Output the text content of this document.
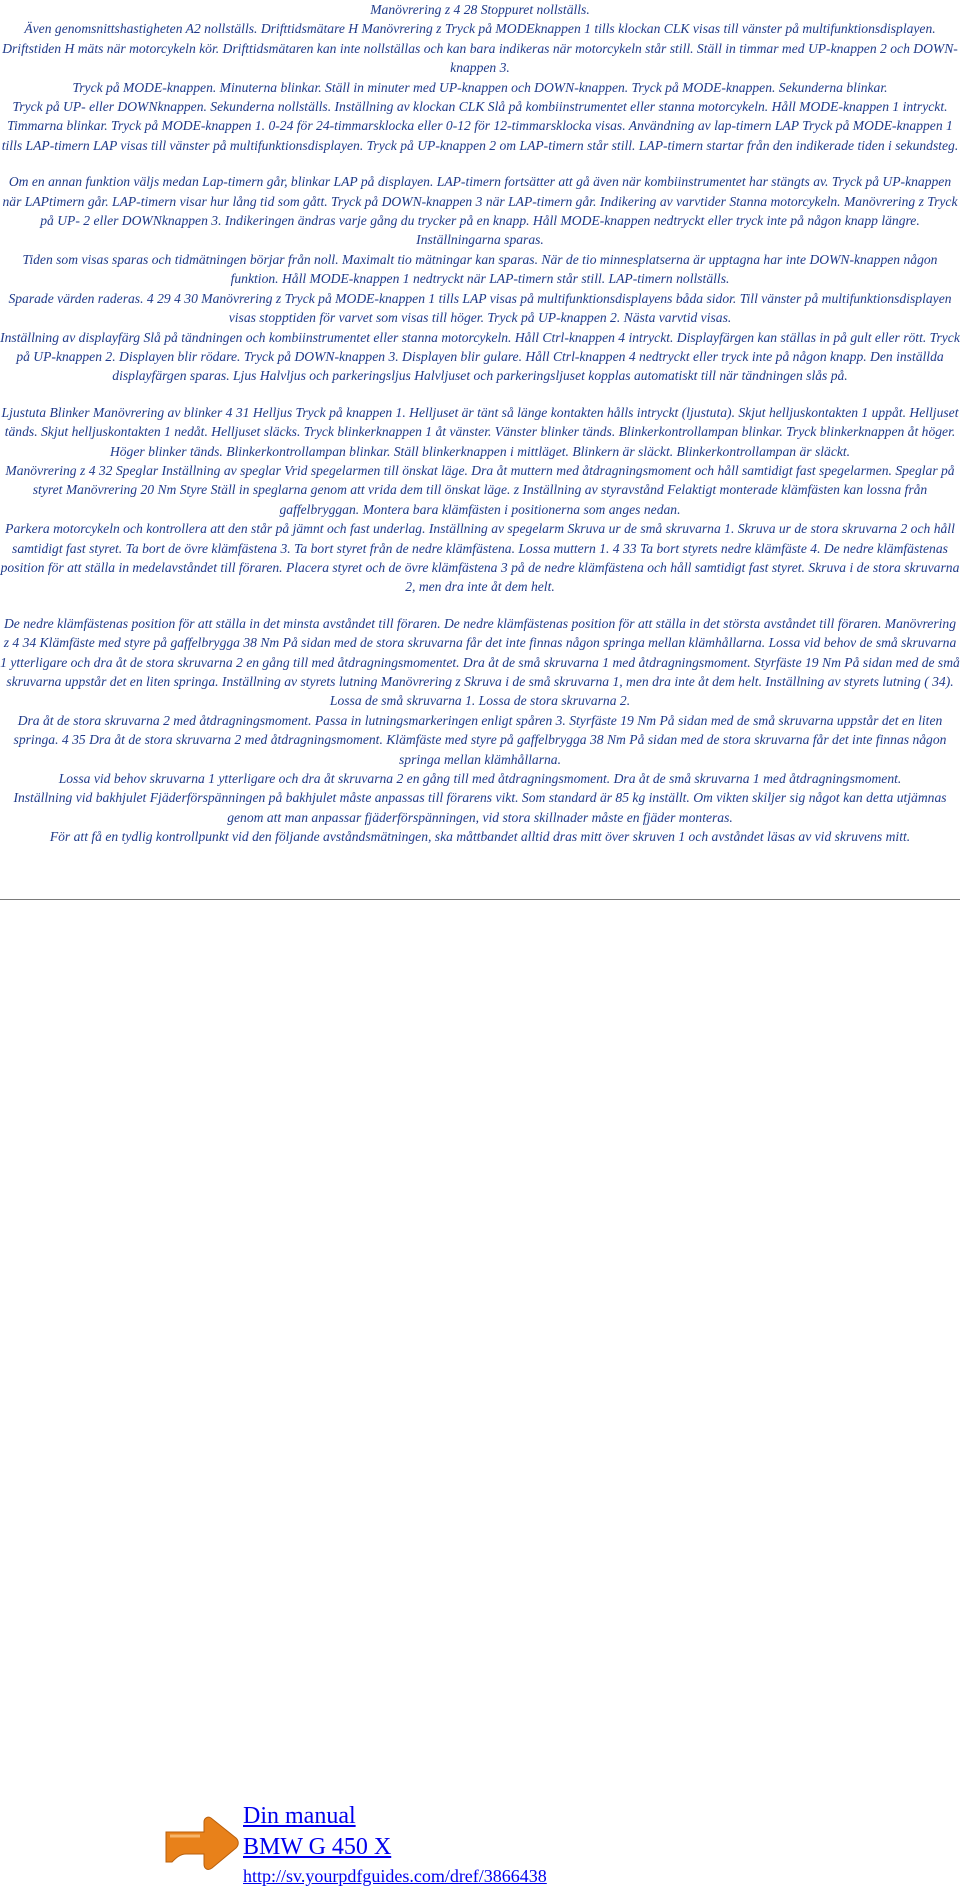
Manövrering z 4 28 Stoppuret nollställs.

Även genomsnittshastigheten A2 nollställs. Drifttidsmätare H Manövrering z Tryck på MODEknappen 1 tills klockan CLK visas till vänster på multifunktionsdisplayen. Driftstiden H mäts när motorcykeln kör. Drifttidsmätaren kan inte nollställas och kan bara indikeras när motorcykeln står still. Ställ in timmar med UP-knappen 2 och DOWN-knappen 3.

Tryck på MODE-knappen. Minuterna blinkar. Ställ in minuter med UP-knappen och DOWN-knappen. Tryck på MODE-knappen. Sekunderna blinkar.

Tryck på UP- eller DOWNknappen. Sekunderna nollställs. Inställning av klockan CLK Slå på kombiinstrumentet eller stanna motorcykeln. Håll MODE-knappen 1 intryckt. Timmarna blinkar. Tryck på MODE-knappen 1. 0-24 för 24-timmarsklocka eller 0-12 för 12-timmarsklocka visas. Användning av lap-timern LAP Tryck på MODE-knappen 1 tills LAP-timern LAP visas till vänster på multifunktionsdisplayen. Tryck på UP-knappen 2 om LAP-timern står still. LAP-timern startar från den indikerade tiden i sekundsteg.

Om en annan funktion väljs medan Lap-timern går, blinkar LAP på displayen. LAP-timern fortsätter att gå även när kombiinstrumentet har stängts av. Tryck på UP-knappen när LAPtimern går. LAP-timern visar hur lång tid som gått. Tryck på DOWN-knappen 3 när LAP-timern går. Indikering av varvtider Stanna motorcykeln. Manövrering z Tryck på UP- 2 eller DOWNknappen 3. Indikeringen ändras varje gång du trycker på en knapp. Håll MODE-knappen nedtryckt eller tryck inte på någon knapp längre. Inställningarna sparas.

Tiden som visas sparas och tidmätningen börjar från noll. Maximalt tio mätningar kan sparas. När de tio minnesplatserna är upptagna har inte DOWN-knappen någon funktion. Håll MODE-knappen 1 nedtryckt när LAP-timern står still. LAP-timern nollställs.

Sparade värden raderas. 4 29 4 30 Manövrering z Tryck på MODE-knappen 1 tills LAP visas på multifunktionsdisplayens båda sidor. Till vänster på multifunktionsdisplayen visas stopptiden för varvet som visas till höger. Tryck på UP-knappen 2. Nästa varvtid visas.

Inställning av displayfärg Slå på tändningen och kombiinstrumentet eller stanna motorcykeln. Håll Ctrl-knappen 4 intryckt. Displayfärgen kan ställas in på gult eller rött. Tryck på UP-knappen 2. Displayen blir rödare. Tryck på DOWN-knappen 3. Displayen blir gulare. Håll Ctrl-knappen 4 nedtryckt eller tryck inte på någon knapp. Den inställda displayfärgen sparas. Ljus Halvljus och parkeringsljus Halvljuset och parkeringsljuset kopplas automatiskt till när tändningen slås på.

Ljustuta Blinker Manövrering av blinker 4 31 Helljus Tryck på knappen 1. Helljuset är tänt så länge kontakten hålls intryckt (ljustuta). Skjut helljuskontakten 1 uppåt. Helljuset tänds. Skjut helljuskontakten 1 nedåt. Helljuset släcks. Tryck blinkerknappen 1 åt vänster. Vänster blinker tänds. Blinkerkontrollampan blinkar. Tryck blinkerknappen åt höger.

Höger blinker tänds. Blinkerkontrollampan blinkar. Ställ blinkerknappen i mittläget. Blinkern är släckt. Blinkerkontrollampan är släckt.

Manövrering z 4 32 Speglar Inställning av speglar Vrid spegelarmen till önskat läge. Dra åt muttern med åtdragningsmoment och håll samtidigt fast spegelarmen. Speglar på styret Manövrering 20 Nm Styre Ställ in speglarna genom att vrida dem till önskat läge. z Inställning av styravstånd Felaktigt monterade klämfästen kan lossna från gaffelbryggan. Montera bara klämfästen i positionerna som anges nedan.

Parkera motorcykeln och kontrollera att den står på jämnt och fast underlag. Inställning av spegelarm Skruva ur de små skruvarna 1. Skruva ur de stora skruvarna 2 och håll samtidigt fast styret. Ta bort de övre klämfästena 3. Ta bort styret från de nedre klämfästena. Lossa muttern 1. 4 33 Ta bort styrets nedre klämfäste 4. De nedre klämfästenas position för att ställa in medelavståndet till föraren. Placera styret och de övre klämfästena 3 på de nedre klämfästena och håll samtidigt fast styret. Skruva i de stora skruvarna 2, men dra inte åt dem helt.

De nedre klämfästenas position för att ställa in det minsta avståndet till föraren. De nedre klämfästenas position för att ställa in det största avståndet till föraren. Manövrering z 4 34 Klämfäste med styre på gaffelbrygga 38 Nm På sidan med de stora skruvarna får det inte finnas någon springa mellan klämhållarna. Lossa vid behov de små skruvarna 1 ytterligare och dra åt de stora skruvarna 2 en gång till med åtdragningsmomentet. Dra åt de små skruvarna 1 med åtdragningsmoment. Styrfäste 19 Nm På sidan med de små skruvarna uppstår det en liten springa. Inställning av styrets lutning Manövrering z Skruva i de små skruvarna 1, men dra inte åt dem helt. Inställning av styrets lutning ( 34). Lossa de små skruvarna 1. Lossa de stora skruvarna 2.

Dra åt de stora skruvarna 2 med åtdragningsmoment. Passa in lutningsmarkeringen enligt spåren 3. Styrfäste 19 Nm På sidan med de små skruvarna uppstår det en liten springa. 4 35 Dra åt de stora skruvarna 2 med åtdragningsmoment. Klämfäste med styre på gaffelbrygga 38 Nm På sidan med de stora skruvarna får det inte finnas någon springa mellan klämhållarna.

Lossa vid behov skruvarna 1 ytterligare och dra åt skruvarna 2 en gång till med åtdragningsmoment. Dra åt de små skruvarna 1 med åtdragningsmoment.

Inställning vid bakhjulet Fjäderförspänningen på bakhjulet måste anpassas till förarens vikt. Som standard är 85 kg inställt. Om vikten skiljer sig något kan detta utjämnas genom att man anpassar fjäderförspänningen, vid stora skillnader måste en fjäder monteras.

För att få en tydlig kontrollpunkt vid den följande avståndsmätningen, ska måttbandet alltid dras mitt över skruven 1 och avståndet läsas av vid skruvens mitt.

Din manual
BMW G 450 X
http://sv.yourpdfguides.com/dref/3866438
